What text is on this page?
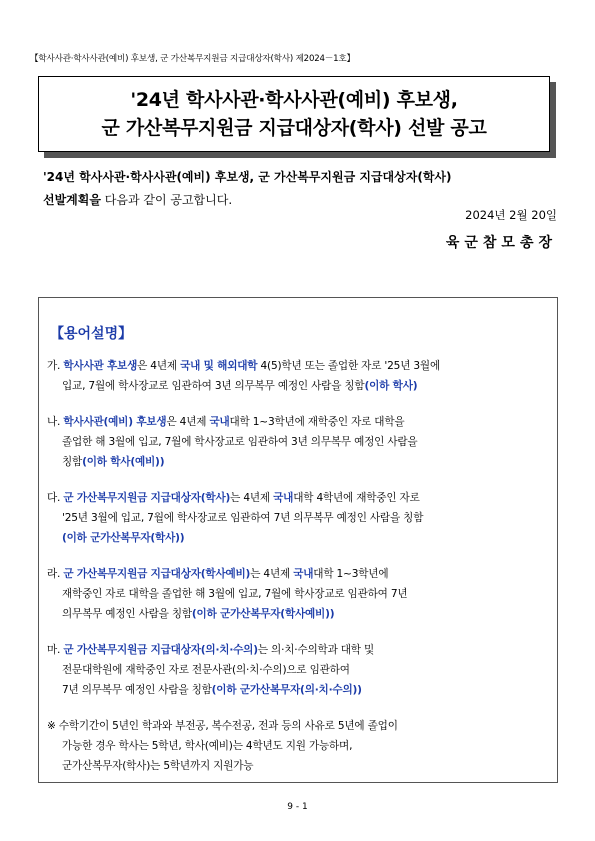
【학사사관·학사사관(예비) 후보생, 군 가산복무지원금 지급대상자(학사) 제2024－1호】
'24년 학사사관·학사사관(예비) 후보생,
군 가산복무지원금 지급대상자(학사) 선발 공고
'24년 학사사관·학사사관(예비) 후보생, 군 가산복무지원금 지급대상자(학사)
선발계획을 다음과 같이 공고합니다.
2024년 2월 20일
육군참모총장
【용어설명】
가. 학사사관 후보생은 4년제 국내 및 해외대학 4(5)학년 또는 졸업한 자로 '25년 3월에
입교, 7월에 학사장교로 임관하여 3년 의무복무 예정인 사람을 칭함(이하 학사)
나. 학사사관(예비) 후보생은 4년제 국내대학 1~3학년에 재학중인 자로 대학을
졸업한 해 3월에 입교, 7월에 학사장교로 임관하여 3년 의무복무 예정인 사람을
칭함(이하 학사(예비))
다. 군 가산복무지원금 지급대상자(학사)는 4년제 국내대학 4학년에 재학중인 자로
'25년 3월에 입교, 7월에 학사장교로 임관하여 7년 의무복무 예정인 사람을 칭함
(이하 군가산복무자(학사))
라. 군 가산복무지원금 지급대상자(학사예비)는 4년제 국내대학 1~3학년에
재학중인 자로 대학을 졸업한 해 3월에 입교, 7월에 학사장교로 임관하여 7년
의무복무 예정인 사람을 칭함(이하 군가산복무자(학사예비))
마. 군 가산복무지원금 지급대상자(의·치·수의)는 의·치·수의학과 대학 및
전문대학원에 재학중인 자로 전문사관(의·치·수의)으로 임관하여
7년 의무복무 예정인 사람을 칭함(이하 군가산복무자(의·치·수의))
※ 수학기간이 5년인 학과와 부전공, 복수전공, 전과 등의 사유로 5년에 졸업이
가능한 경우 학사는 5학년, 학사(예비)는 4학년도 지원 가능하며,
군가산복무자(학사)는 5학년까지 지원가능
9 - 1
